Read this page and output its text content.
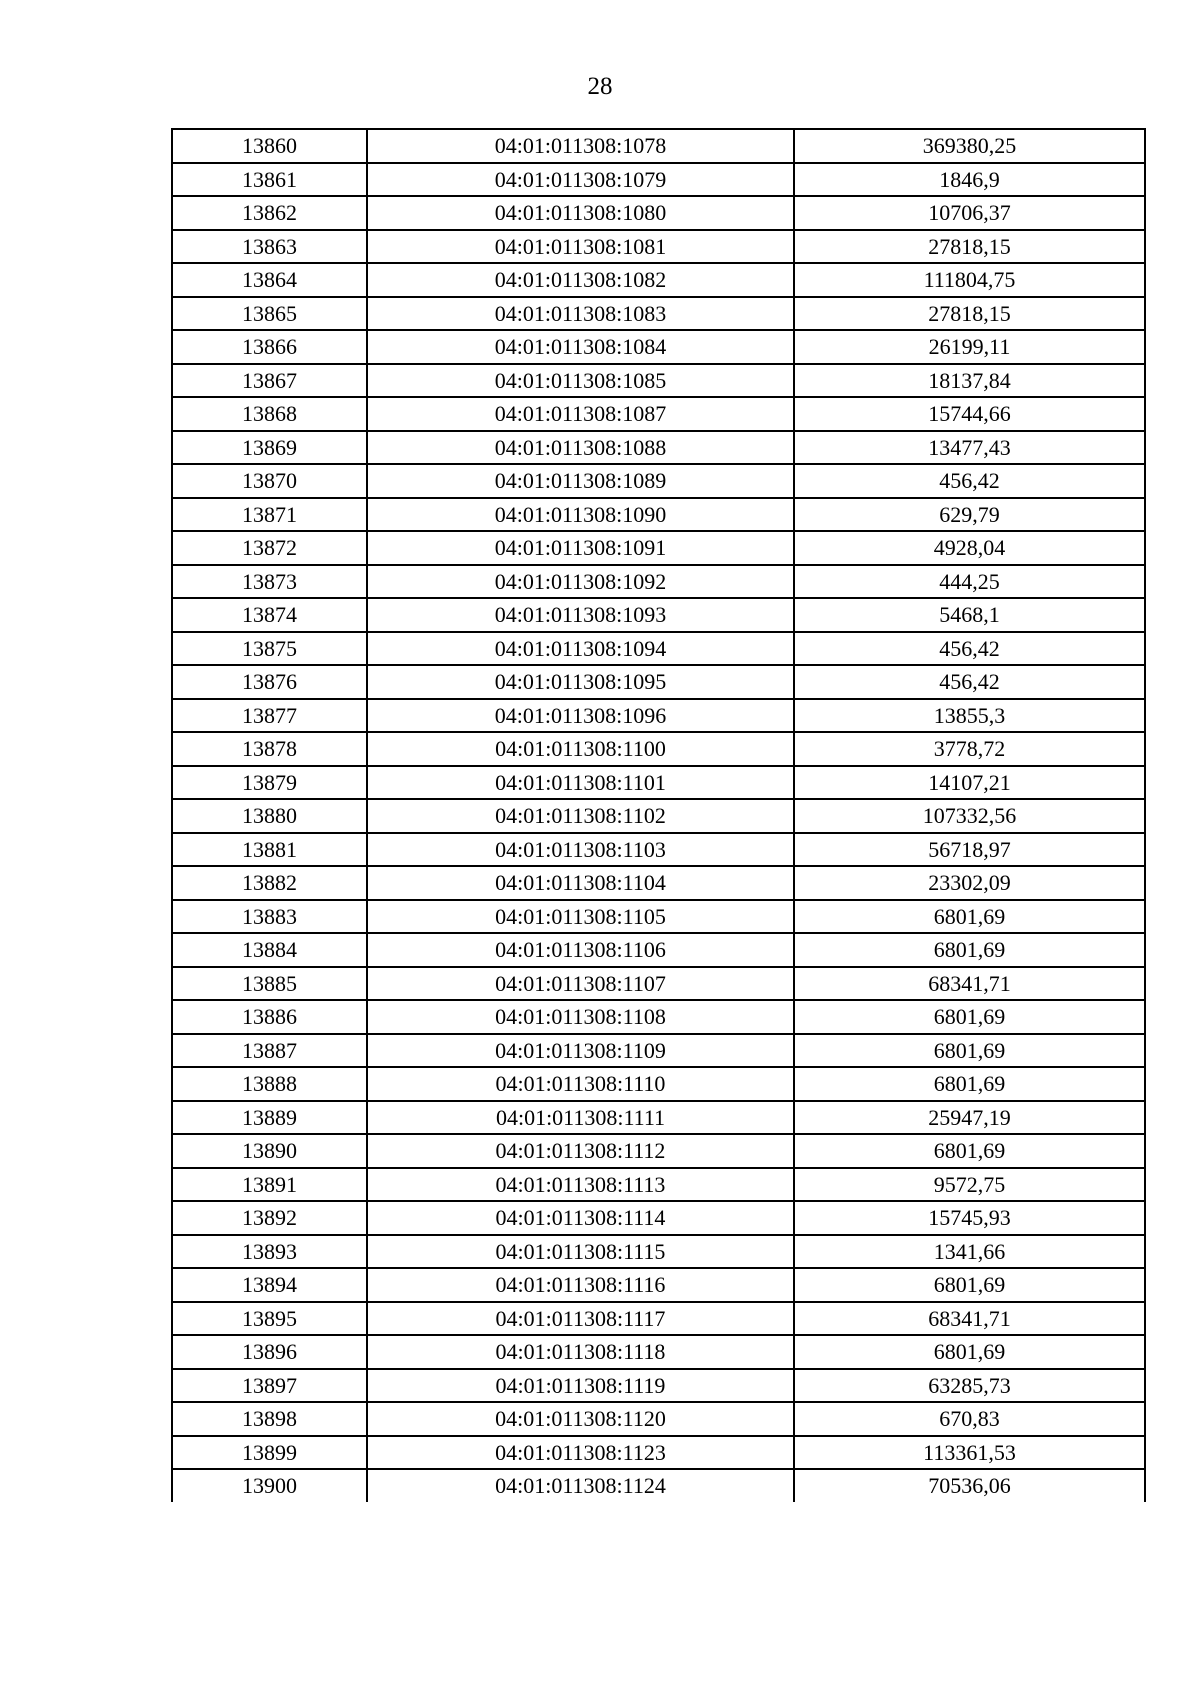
28
13860	04:01:011308:1078	369380,25
13861	04:01:011308:1079	1846,9
13862	04:01:011308:1080	10706,37
13863	04:01:011308:1081	27818,15
13864	04:01:011308:1082	111804,75
13865	04:01:011308:1083	27818,15
13866	04:01:011308:1084	26199,11
13867	04:01:011308:1085	18137,84
13868	04:01:011308:1087	15744,66
13869	04:01:011308:1088	13477,43
13870	04:01:011308:1089	456,42
13871	04:01:011308:1090	629,79
13872	04:01:011308:1091	4928,04
13873	04:01:011308:1092	444,25
13874	04:01:011308:1093	5468,1
13875	04:01:011308:1094	456,42
13876	04:01:011308:1095	456,42
13877	04:01:011308:1096	13855,3
13878	04:01:011308:1100	3778,72
13879	04:01:011308:1101	14107,21
13880	04:01:011308:1102	107332,56
13881	04:01:011308:1103	56718,97
13882	04:01:011308:1104	23302,09
13883	04:01:011308:1105	6801,69
13884	04:01:011308:1106	6801,69
13885	04:01:011308:1107	68341,71
13886	04:01:011308:1108	6801,69
13887	04:01:011308:1109	6801,69
13888	04:01:011308:1110	6801,69
13889	04:01:011308:1111	25947,19
13890	04:01:011308:1112	6801,69
13891	04:01:011308:1113	9572,75
13892	04:01:011308:1114	15745,93
13893	04:01:011308:1115	1341,66
13894	04:01:011308:1116	6801,69
13895	04:01:011308:1117	68341,71
13896	04:01:011308:1118	6801,69
13897	04:01:011308:1119	63285,73
13898	04:01:011308:1120	670,83
13899	04:01:011308:1123	113361,53
13900	04:01:011308:1124	70536,06
